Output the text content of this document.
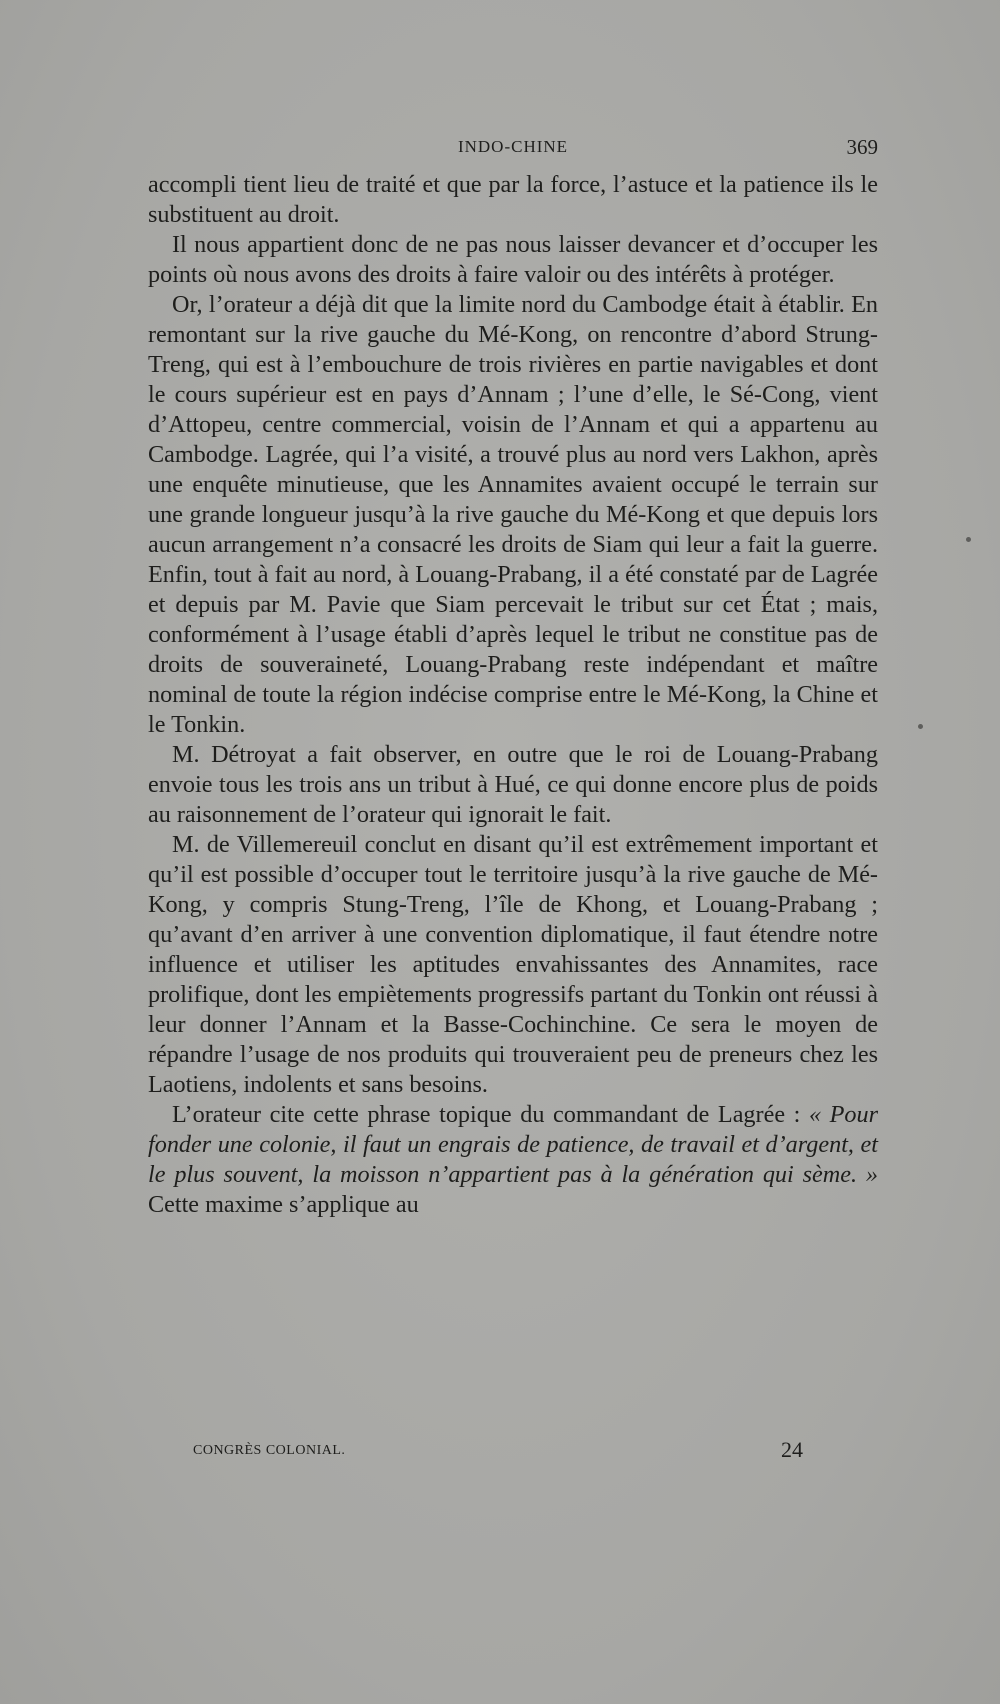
INDO-CHINE	369

accompli tient lieu de traité et que par la force, l’astuce et la patience ils le substituent au droit.

Il nous appartient donc de ne pas nous laisser devancer et d’occuper les points où nous avons des droits à faire valoir ou des intérêts à protéger.

Or, l’orateur a déjà dit que la limite nord du Cambodge était à établir. En remontant sur la rive gauche du Mé-Kong, on rencontre d’abord Strung-Treng, qui est à l’embouchure de trois rivières en partie navigables et dont le cours supérieur est en pays d’Annam ; l’une d’elle, le Sé-Cong, vient d’Attopeu, centre commercial, voisin de l’Annam et qui a appartenu au Cambodge. Lagrée, qui l’a visité, a trouvé plus au nord vers Lakhon, après une enquête minutieuse, que les Annamites avaient occupé le terrain sur une grande longueur jusqu’à la rive gauche du Mé-Kong et que depuis lors aucun arrangement n’a consacré les droits de Siam qui leur a fait la guerre. Enfin, tout à fait au nord, à Louang-Prabang, il a été constaté par de Lagrée et depuis par M. Pavie que Siam percevait le tribut sur cet État ; mais, conformément à l’usage établi d’après lequel le tribut ne constitue pas de droits de souveraineté, Louang-Prabang reste indépendant et maître nominal de toute la région indécise comprise entre le Mé-Kong, la Chine et le Tonkin.

M. Détroyat a fait observer, en outre que le roi de Louang-Prabang envoie tous les trois ans un tribut à Hué, ce qui donne encore plus de poids au raisonnement de l’orateur qui ignorait le fait.

M. de Villemereuil conclut en disant qu’il est extrêmement important et qu’il est possible d’occuper tout le territoire jusqu’à la rive gauche de Mé-Kong, y compris Stung-Treng, l’île de Khong, et Louang-Prabang ; qu’avant d’en arriver à une convention diplomatique, il faut étendre notre influence et utiliser les aptitudes envahissantes des Annamites, race prolifique, dont les empiètements progressifs partant du Tonkin ont réussi à leur donner l’Annam et la Basse-Cochinchine. Ce sera le moyen de répandre l’usage de nos produits qui trouveraient peu de preneurs chez les Laotiens, indolents et sans besoins.

L’orateur cite cette phrase topique du commandant de Lagrée : « Pour fonder une colonie, il faut un engrais de patience, de travail et d’argent, et le plus souvent, la moisson n’appartient pas à la génération qui sème. » Cette maxime s’applique au

CONGRÈS COLONIAL.	24
